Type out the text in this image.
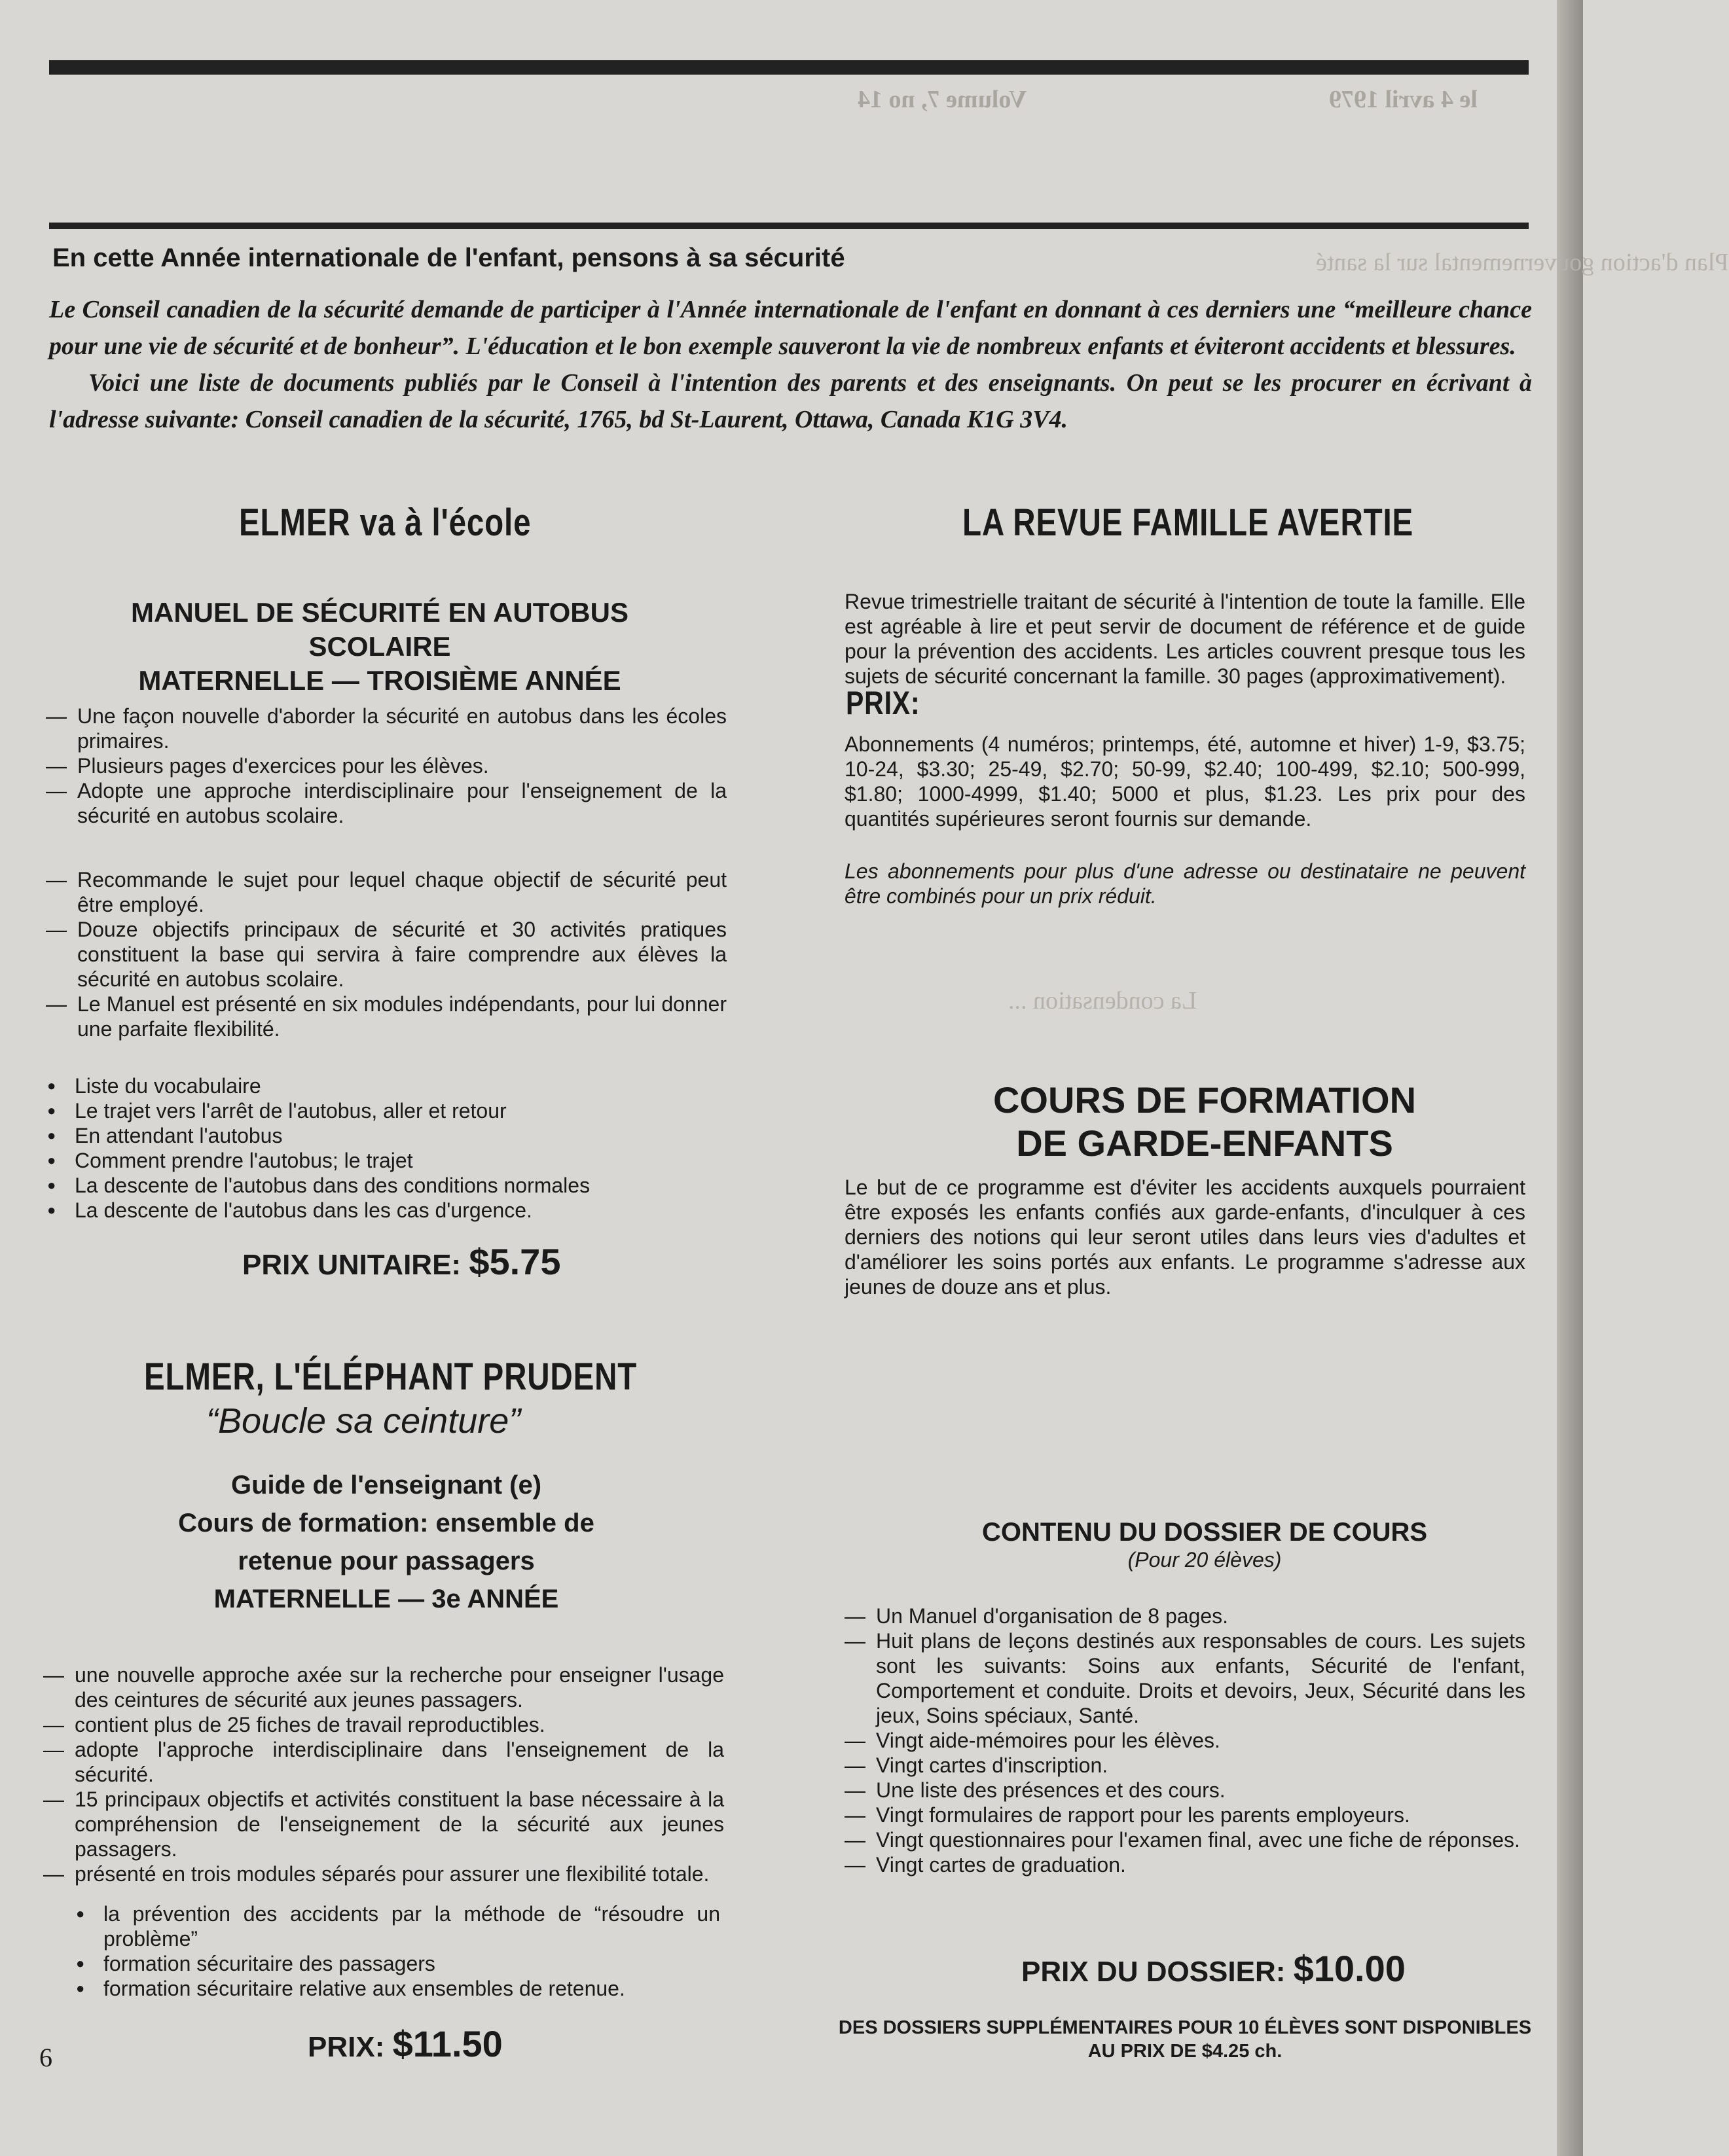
Volume 7, no 14	le 4 avril 1979
Plan d'action gouvernemental sur la santé
La condensation ...
En cette Année internationale de l'enfant, pensons à sa sécurité

Le Conseil canadien de la sécurité demande de participer à l'Année internationale de l'enfant en donnant à ces derniers une “meilleure chance pour une vie de sécurité et de bonheur”. L'éducation et le bon exemple sauveront la vie de nombreux enfants et éviteront accidents et blessures.

Voici une liste de documents publiés par le Conseil à l'intention des parents et des enseignants. On peut se les procurer en écrivant à l'adresse suivante: Conseil canadien de la sécurité, 1765, bd St-Laurent, Ottawa, Canada K1G 3V4.

ELMER va à l'école
MANUEL DE SÉCURITÉ EN AUTOBUS SCOLAIRE
MATERNELLE — TROISIÈME ANNÉE
— Une façon nouvelle d'aborder la sécurité en autobus dans les écoles primaires.
— Plusieurs pages d'exercices pour les élèves.
— Adopte une approche interdisciplinaire pour l'enseignement de la sécurité en autobus scolaire.
— Recommande le sujet pour lequel chaque objectif de sécurité peut être employé.
— Douze objectifs principaux de sécurité et 30 activités pratiques constituent la base qui servira à faire comprendre aux élèves la sécurité en autobus scolaire.
— Le Manuel est présenté en six modules indépendants, pour lui donner une parfaite flexibilité.
● Liste du vocabulaire
● Le trajet vers l'arrêt de l'autobus, aller et retour
● En attendant l'autobus
● Comment prendre l'autobus; le trajet
● La descente de l'autobus dans des conditions normales
● La descente de l'autobus dans les cas d'urgence.
PRIX UNITAIRE: $5.75
ELMER, L'ÉLÉPHANT PRUDENT
“Boucle sa ceinture”
Guide de l'enseignant (e)
Cours de formation: ensemble de
retenue pour passagers
MATERNELLE — 3e ANNÉE
— une nouvelle approche axée sur la recherche pour enseigner l'usage des ceintures de sécurité aux jeunes passagers.
— contient plus de 25 fiches de travail reproductibles.
— adopte l'approche interdisciplinaire dans l'enseignement de la sécurité.
— 15 principaux objectifs et activités constituent la base nécessaire à la compréhension de l'enseignement de la sécurité aux jeunes passagers.
— présenté en trois modules séparés pour assurer une flexibilité totale.
● la prévention des accidents par la méthode de “résoudre un problème”
● formation sécuritaire des passagers
● formation sécuritaire relative aux ensembles de retenue.
PRIX: $11.50
LA REVUE FAMILLE AVERTIE
Revue trimestrielle traitant de sécurité à l'intention de toute la famille. Elle est agréable à lire et peut servir de document de référence et de guide pour la prévention des accidents. Les articles couvrent presque tous les sujets de sécurité concernant la famille. 30 pages (approximativement).
PRIX:
Abonnements (4 numéros; printemps, été, automne et hiver) 1-9, $3.75; 10-24, $3.30; 25-49, $2.70; 50-99, $2.40; 100-499, $2.10; 500-999, $1.80; 1000-4999, $1.40; 5000 et plus, $1.23. Les prix pour des quantités supérieures seront fournis sur demande.
Les abonnements pour plus d'une adresse ou destinataire ne peuvent être combinés pour un prix réduit.
COURS DE FORMATION
DE GARDE-ENFANTS
Le but de ce programme est d'éviter les accidents auxquels pourraient être exposés les enfants confiés aux garde-enfants, d'inculquer à ces derniers des notions qui leur seront utiles dans leurs vies d'adultes et d'améliorer les soins portés aux enfants. Le programme s'adresse aux jeunes de douze ans et plus.
CONTENU DU DOSSIER DE COURS
(Pour 20 élèves)
— Un Manuel d'organisation de 8 pages.
— Huit plans de leçons destinés aux responsables de cours. Les sujets sont les suivants: Soins aux enfants, Sécurité de l'enfant, Comportement et conduite. Droits et devoirs, Jeux, Sécurité dans les jeux, Soins spéciaux, Santé.
— Vingt aide-mémoires pour les élèves.
— Vingt cartes d'inscription.
— Une liste des présences et des cours.
— Vingt formulaires de rapport pour les parents employeurs.
— Vingt questionnaires pour l'examen final, avec une fiche de réponses.
— Vingt cartes de graduation.
PRIX DU DOSSIER: $10.00
DES DOSSIERS SUPPLÉMENTAIRES POUR 10 ÉLÈVES SONT DISPONIBLES
AU PRIX DE $4.25 ch.
6
